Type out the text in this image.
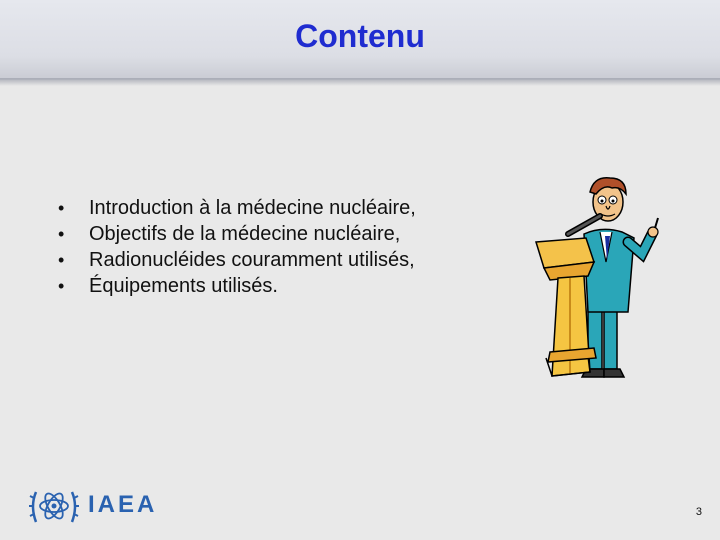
Contenu
• Introduction à la médecine nucléaire,
• Objectifs de la médecine nucléaire,
• Radionucléides couramment utilisés,
• Équipements utilisés.
IAEA	3
